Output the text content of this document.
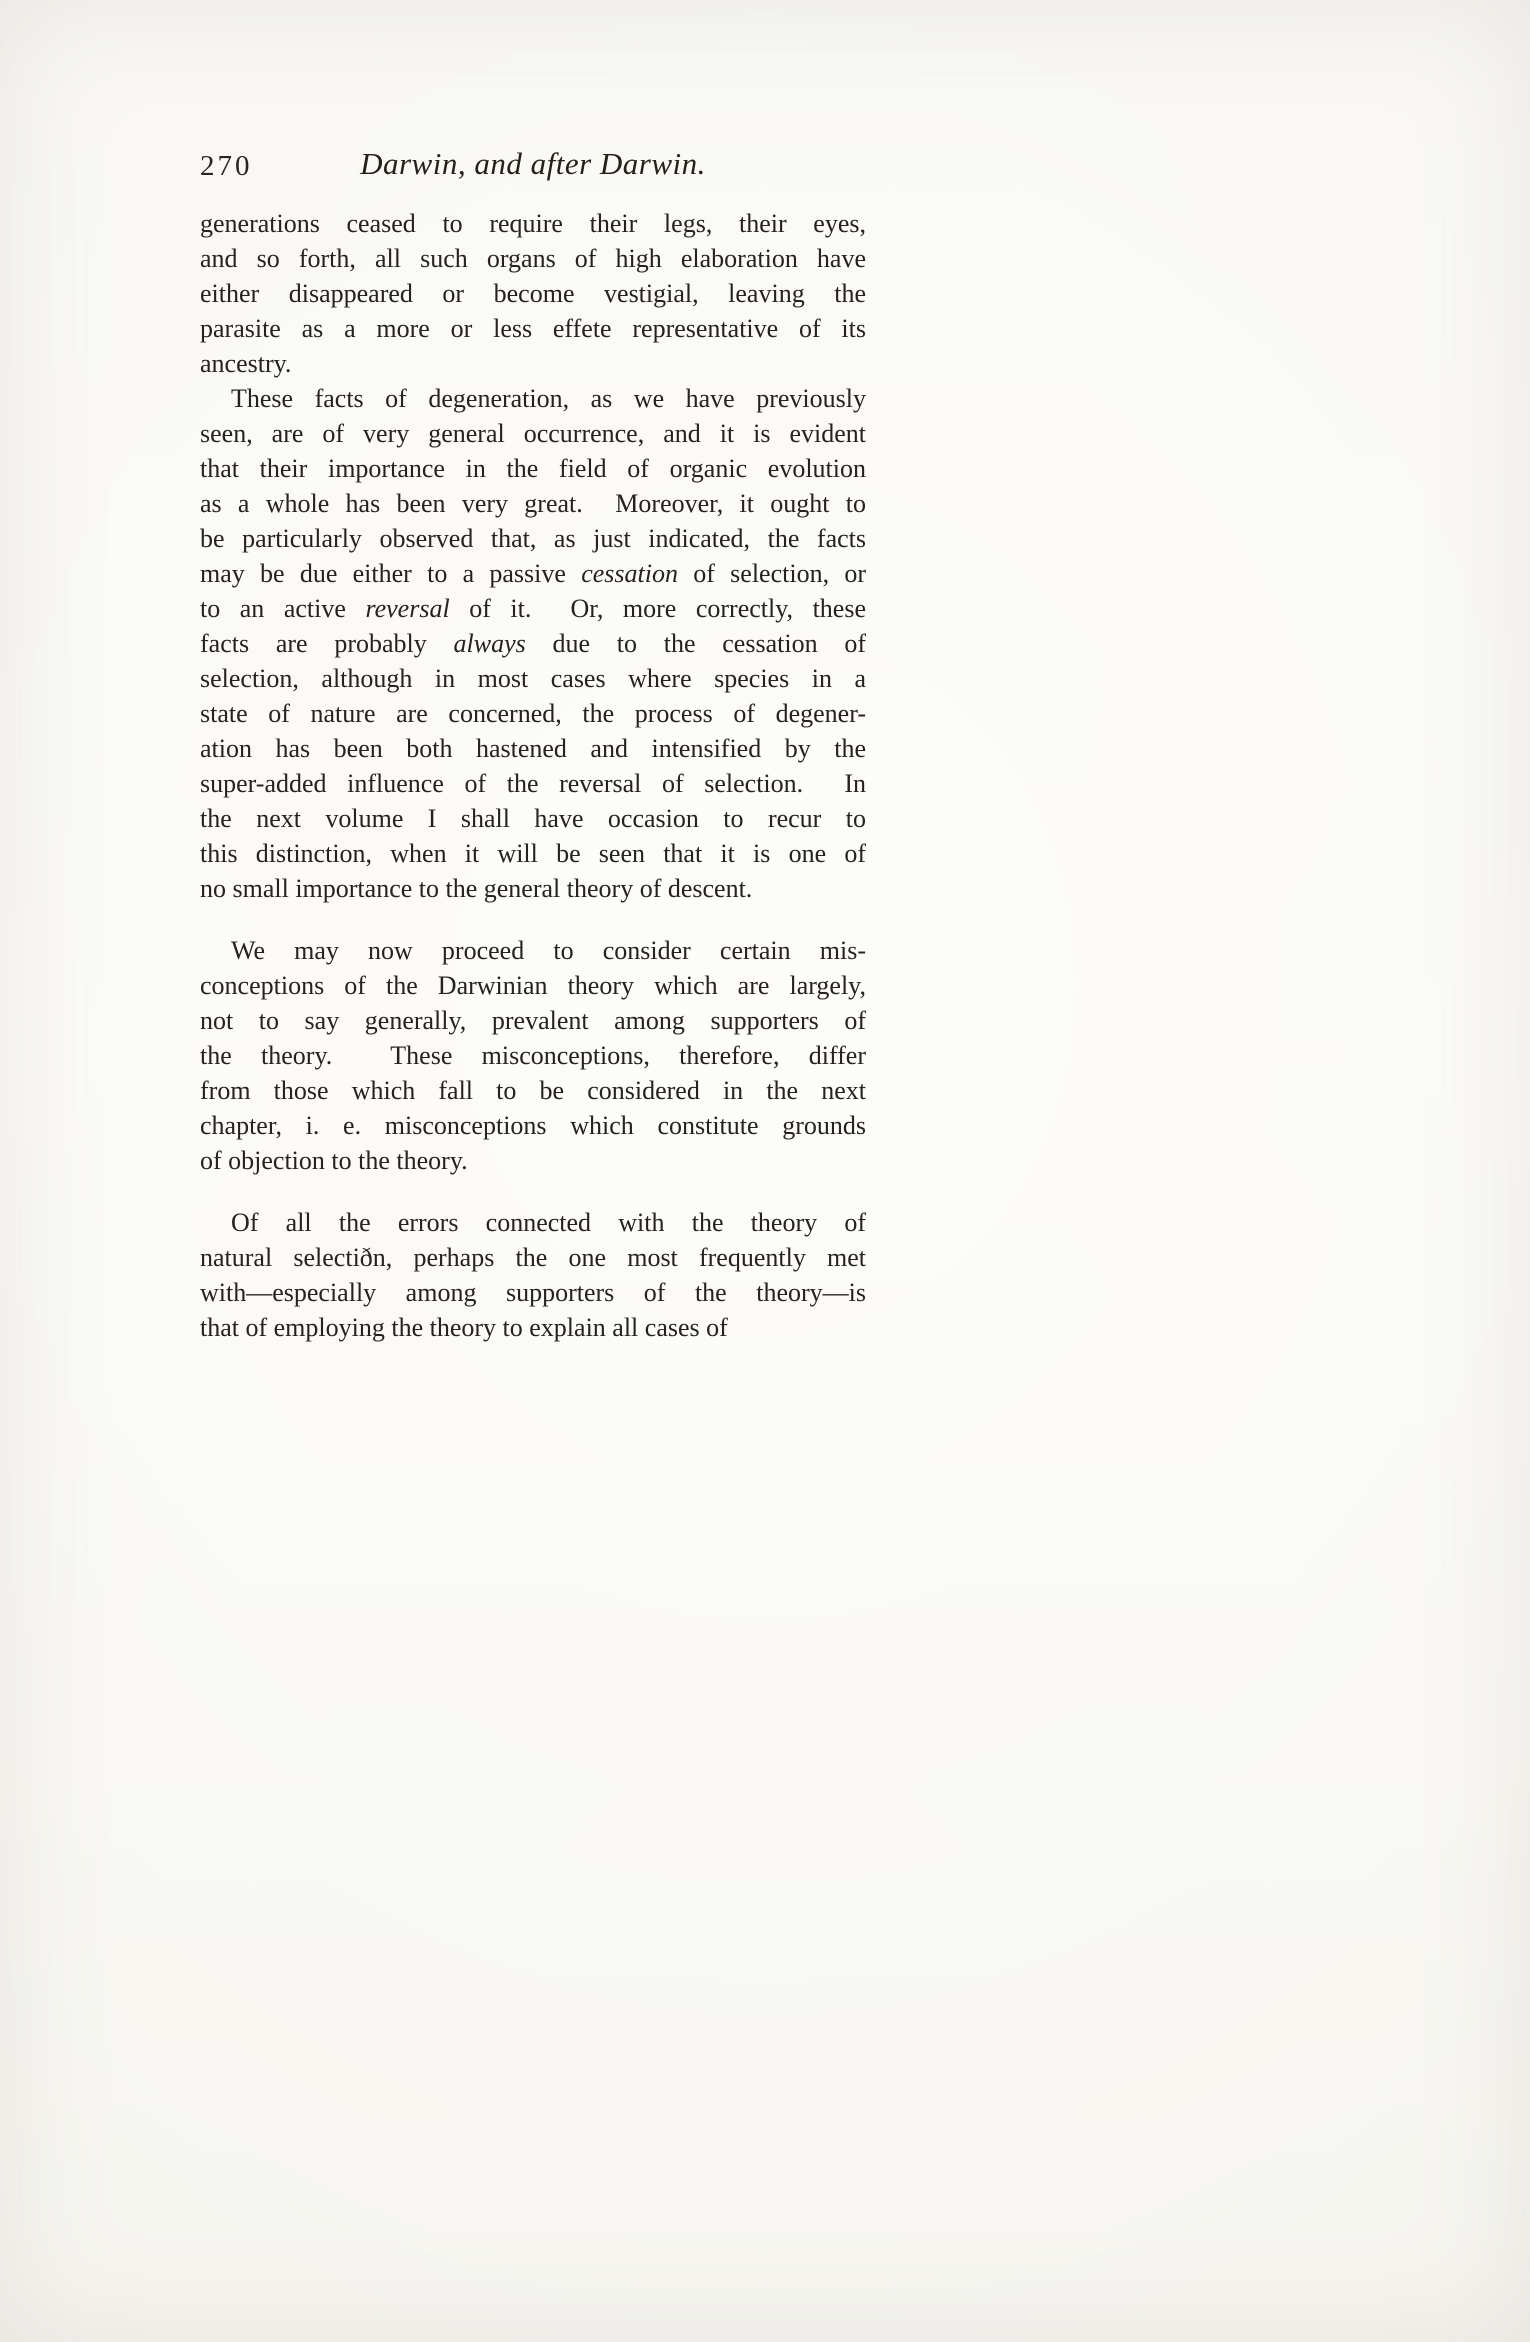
270	Darwin, and after Darwin.
generations ceased to require their legs, their eyes,
and so forth, all such organs of high elaboration have
either disappeared or become vestigial, leaving the
parasite as a more or less effete representative of its
ancestry.
These facts of degeneration, as we have previously
seen, are of very general occurrence, and it is evident
that their importance in the field of organic evolution
as a whole has been very great.  Moreover, it ought to
be particularly observed that, as just indicated, the facts
may be due either to a passive cessation of selection, or
to an active reversal of it.  Or, more correctly, these
facts are probably always due to the cessation of
selection, although in most cases where species in a
state of nature are concerned, the process of degener-
ation has been both hastened and intensified by the
super-added influence of the reversal of selection.  In
the next volume I shall have occasion to recur to
this distinction, when it will be seen that it is one of
no small importance to the general theory of descent.
We may now proceed to consider certain mis-
conceptions of the Darwinian theory which are largely,
not to say generally, prevalent among supporters of
the theory.  These misconceptions, therefore, differ
from those which fall to be considered in the next
chapter, i. e. misconceptions which constitute grounds
of objection to the theory.
Of all the errors connected with the theory of
natural selectiðn, perhaps the one most frequently met
with—especially among supporters of the theory—is
that of employing the theory to explain all cases of
